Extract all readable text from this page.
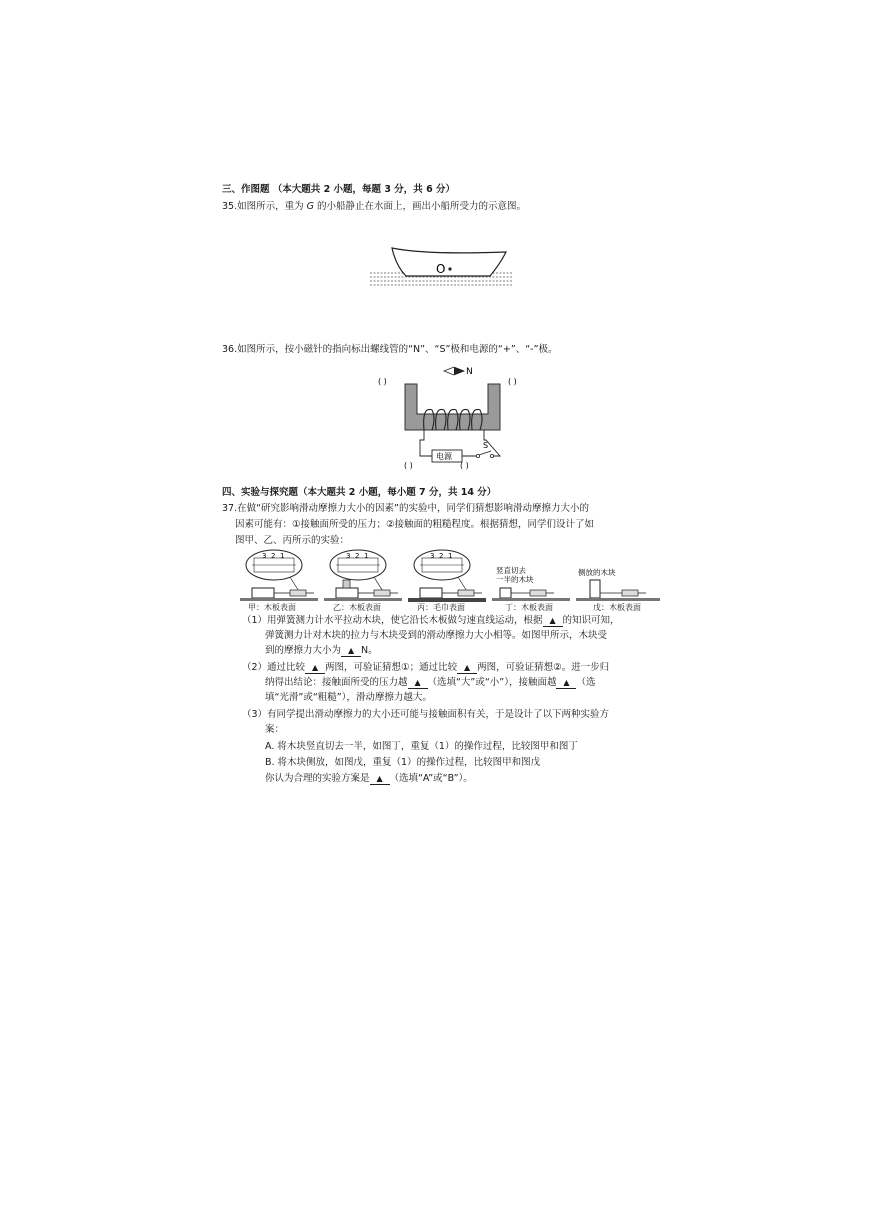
三、作图题 （本大题共 2 小题，每题 3 分，共 6 分）
35.如图所示，重为 G 的小船静止在水面上，画出小船所受力的示意图。
O
36.如图所示，按小磁针的指向标出螺线管的“N”、“S”极和电源的“+”、“-”极。
N
( )	( )
电源
S
( )	( )
四、实验与探究题（本大题共 2 小题，每小题 7 分，共 14 分）
37.在做“研究影响滑动摩擦力大小的因素”的实验中，同学们猜想影响滑动摩擦力大小的
因素可能有：①接触面所受的压力；②接触面的粗糙程度。根据猜想，同学们设计了如
图甲、乙、丙所示的实验：
3 2 1	3 2 1	3 2 1
竖直切去
一半的木块
侧放的木块
甲：木板表面	乙：木板表面	丙：毛巾表面	丁：木板表面	戊：木板表面
（1）用弹簧测力计水平拉动木块，使它沿长木板做匀速直线运动，根据 ▲ 的知识可知，
弹簧测力计对木块的拉力与木块受到的滑动摩擦力大小相等。如图甲所示，木块受
到的摩擦力大小为 ▲ N。
（2）通过比较 ▲ 两图，可验证猜想①；通过比较 ▲ 两图，可验证猜想②。进一步归
纳得出结论：接触面所受的压力越 ▲ （选填“大”或“小”），接触面越 ▲ （选
填“光滑”或“粗糙”），滑动摩擦力越大。
（3）有同学提出滑动摩擦力的大小还可能与接触面积有关，于是设计了以下两种实验方
案：
A. 将木块竖直切去一半，如图丁，重复（1）的操作过程，比较图甲和图丁
B. 将木块侧放，如图戊，重复（1）的操作过程，比较图甲和图戊
你认为合理的实验方案是 ▲ （选填“A”或“B”）。
